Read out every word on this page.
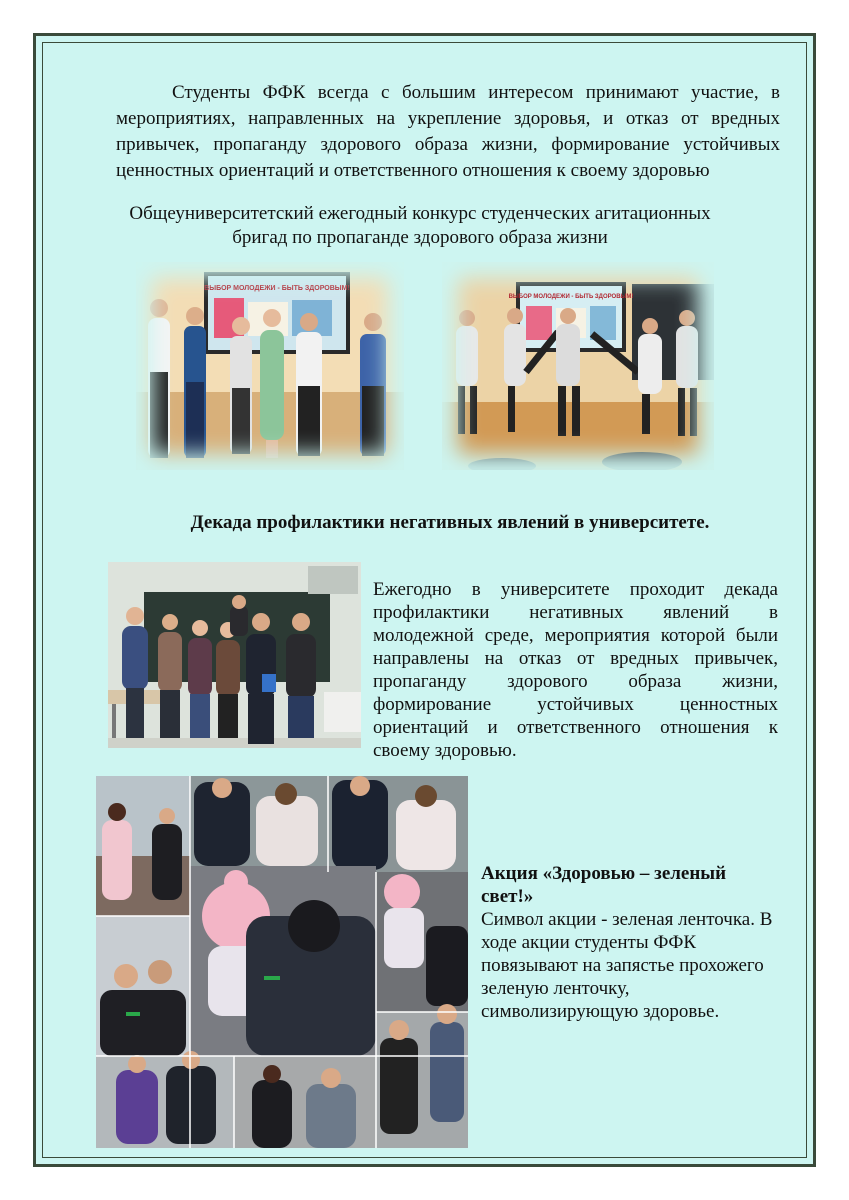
Студенты ФФК всегда с большим интересом принимают участие, в мероприятиях, направленных на укрепление здоровья, и отказ от вредных привычек, пропаганду здорового образа жизни, формирование устойчивых ценностных ориентаций и ответственного отношения к своему здоровью

Общеуниверситетский ежегодный конкурс студенческих агитационных бригад по пропаганде здорового образа жизни

ВЫБОР МОЛОДЕЖИ - БЫТЬ ЗДОРОВЫМ!
ВЫБОР МОЛОДЕЖИ - БЫТЬ ЗДОРОВЫМ!

Декада профилактики негативных явлений в университете.

Ежегодно в университете проходит декада профилактики негативных явлений в молодежной среде, мероприятия которой были направлены на отказ от вредных привычек, пропаганду здорового образа жизни, формирование устойчивых ценностных ориентаций и ответственного отношения к своему здоровью.

Акция «Здоровью – зеленый свет!»
Символ акции - зеленая ленточка. В ходе акции студенты ФФК повязывают на запястье прохожего зеленую ленточку, символизирующую здоровье.
